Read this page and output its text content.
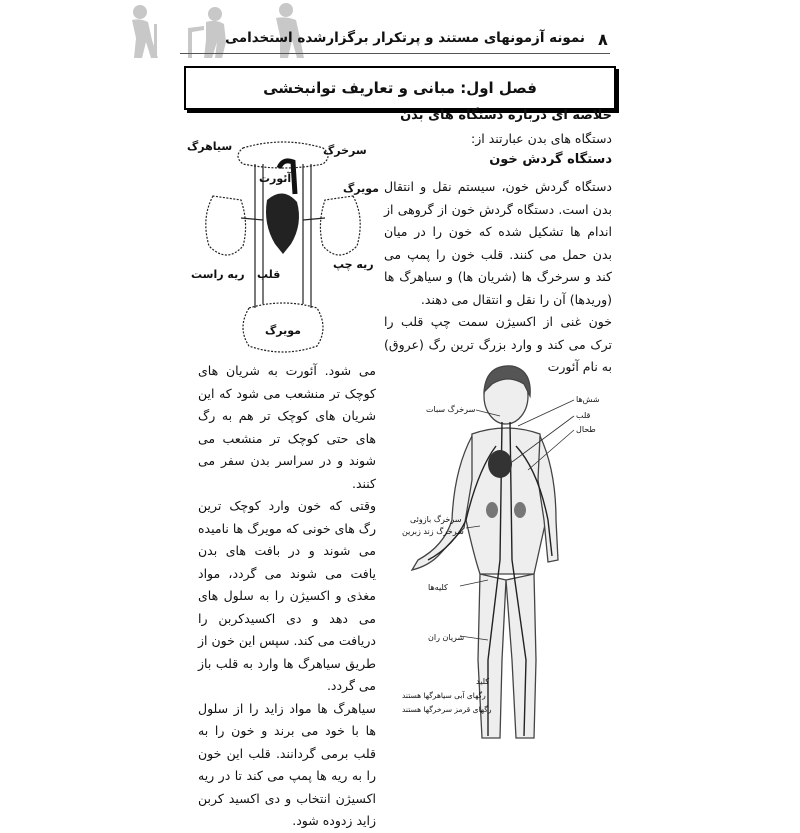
۸
نمونه آزمونهای مستند و پرتکرار برگزارشده استخدامی
فصل اول: مبانی و تعاریف توانبخشی
خلاصه ای درباره دستگاه های بدن
دستگاه های بدن عبارتند از:
دستگاه گردش خون

دستگاه گردش خون، سیستم نقل و انتقال بدن است. دستگاه گردش خون از گروهی از اندام ها تشکیل شده که خون را در میان بدن حمل می کنند. قلب خون را پمپ می کند و سرخرگ ها (شریان ها) و سیاهرگ ها (وریدها) آن را نقل و انتقال می دهند.

خون غنی از اکسیژن سمت چپ قلب را ترک می کند و وارد بزرگ ترین رگ (عروق) به نام آئورت

می شود. آئورت به شریان های کوچک تر منشعب می شود که این شریان های کوچک تر هم به رگ های حتی کوچک تر منشعب می شوند و در سراسر بدن سفر می کنند.

وقتی که خون وارد کوچک ترین رگ های خونی که مویرگ ها نامیده می شوند و در بافت های بدن یافت می شوند می گردد، مواد مغذی و اکسیژن را به سلول های می دهد و دی اکسیدکربن را دریافت می کند. سپس این خون از طریق سیاهرگ ها وارد به قلب باز می گردد.

سیاهرگ ها مواد زاید را از سلول ها با خود می برند و خون را به قلب برمی گردانند. قلب این خون را به ریه ها پمپ می کند تا در ریه اکسیژن انتخاب و دی اکسید کربن زاید زدوده شود.

سیاهرگ	سرخرگ
آئورت
مویرگ
ریه چپ
قلب
ریه راست
مویرگ
شش‌ها
قلب
طحال
سرخرگ سبات
سرخرگ بازوئی
سرخرگ زند زبرین
کلیه‌ها
شریان ران
کلید
رگهای آبی سیاهرگها هستند
رگهای قرمز سرخرگها هستند
